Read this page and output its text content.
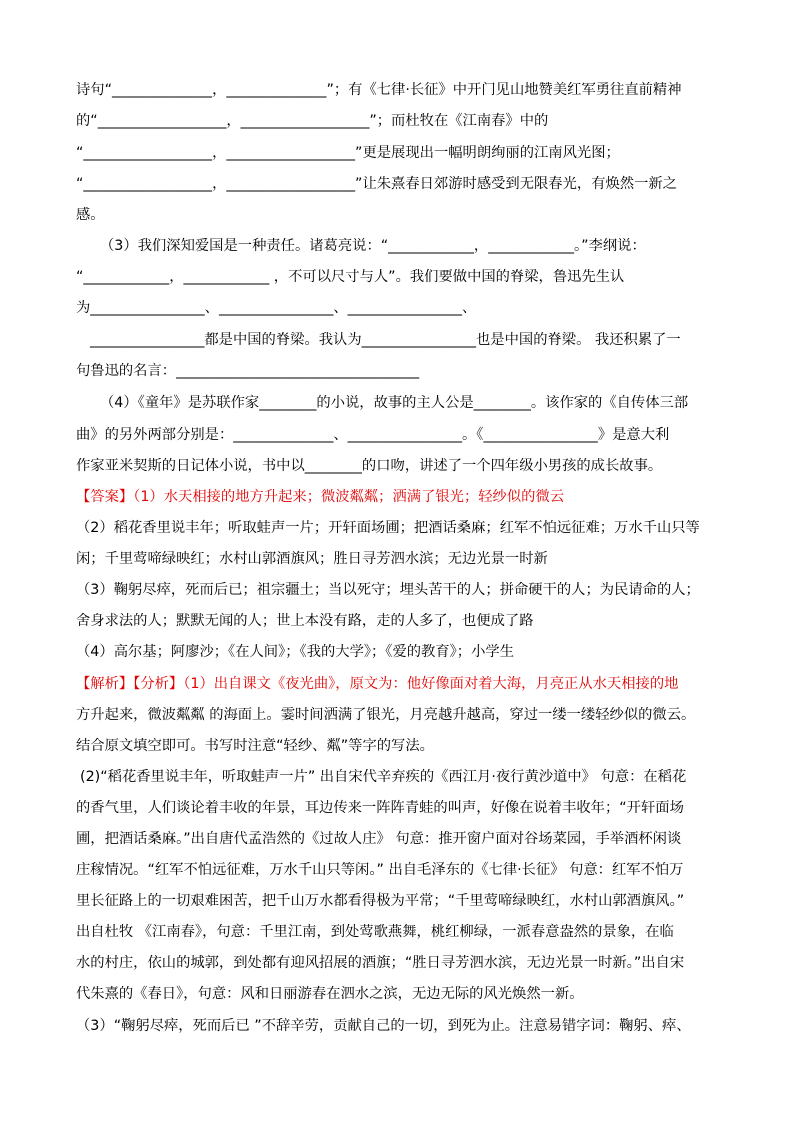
诗句“______________，______________”；有《七律·长征》中开门见山地赞美红军勇往直前精神
的“__________________，__________________”；而杜牧在《江南春》中的
“__________________，__________________”更是展现出一幅明朗绚丽的江南风光图；
“__________________，__________________”让朱熹春日郊游时感受到无限春光，有焕然一新之
感。
（3）我们深知爱国是一种责任。诸葛亮说：“____________，____________。”李纲说：
“____________，____________ ，不可以尺寸与人”。我们要做中国的脊梁，鲁迅先生认
为________________、________________、________________、
________________都是中国的脊梁。我认为________________也是中国的脊梁。 我还积累了一
句鲁迅的名言：__________________________________
（4）《童年》是苏联作家________的小说，故事的主人公是________。该作家的《自传体三部
曲》的另外两部分别是：______________、________________。《________________》是意大利
作家亚米契斯的日记体小说，书中以________的口吻，讲述了一个四年级小男孩的成长故事。
【答案】（1）水天相接的地方升起来；微波粼粼；洒满了银光；轻纱似的微云
（2）稻花香里说丰年；听取蛙声一片；开轩面场圃；把酒话桑麻；红军不怕远征难；万水千山只等
闲；千里莺啼绿映红；水村山郭酒旗风；胜日寻芳泗水滨；无边光景一时新
（3）鞠躬尽瘁，死而后已；祖宗疆土；当以死守；埋头苦干的人；拼命硬干的人；为民请命的人；
舍身求法的人；默默无闻的人；世上本没有路，走的人多了，也便成了路
（4）高尔基；阿廖沙；《在人间》；《我的大学》；《爱的教育》；小学生
【解析】【分析】（1）出自课文《夜光曲》，原文为：他好像面对着大海，月亮正从水天相接的地
方升起来，微波粼粼 的海面上。霎时间洒满了银光，月亮越升越高，穿过一缕一缕轻纱似的微云。
结合原文填空即可。书写时注意“轻纱、粼”等字的写法。
(2)“稻花香里说丰年，听取蛙声一片” 出自宋代辛弃疾的《西江月·夜行黄沙道中》 句意：在稻花
的香气里，人们谈论着丰收的年景，耳边传来一阵阵青蛙的叫声，好像在说着丰收年；“开轩面场
圃，把酒话桑麻。”出自唐代孟浩然的《过故人庄》 句意：推开窗户面对谷场菜园，手举酒杯闲谈
庄稼情况。“红军不怕远征难，万水千山只等闲。” 出自毛泽东的《七律·长征》 句意：红军不怕万
里长征路上的一切艰难困苦，把千山万水都看得极为平常；“千里莺啼绿映红，水村山郭酒旗风。”
出自杜牧 《江南春》，句意：千里江南，到处莺歌燕舞，桃红柳绿，一派春意盎然的景象，在临
水的村庄，依山的城郭，到处都有迎风招展的酒旗；“胜日寻芳泗水滨，无边光景一时新。”出自宋
代朱熹的《春日》，句意：风和日丽游春在泗水之滨，无边无际的风光焕然一新。
（3）“鞠躬尽瘁，死而后已 ”不辞辛劳，贡献自己的一切，到死为止。注意易错字词：鞠躬、瘁、
